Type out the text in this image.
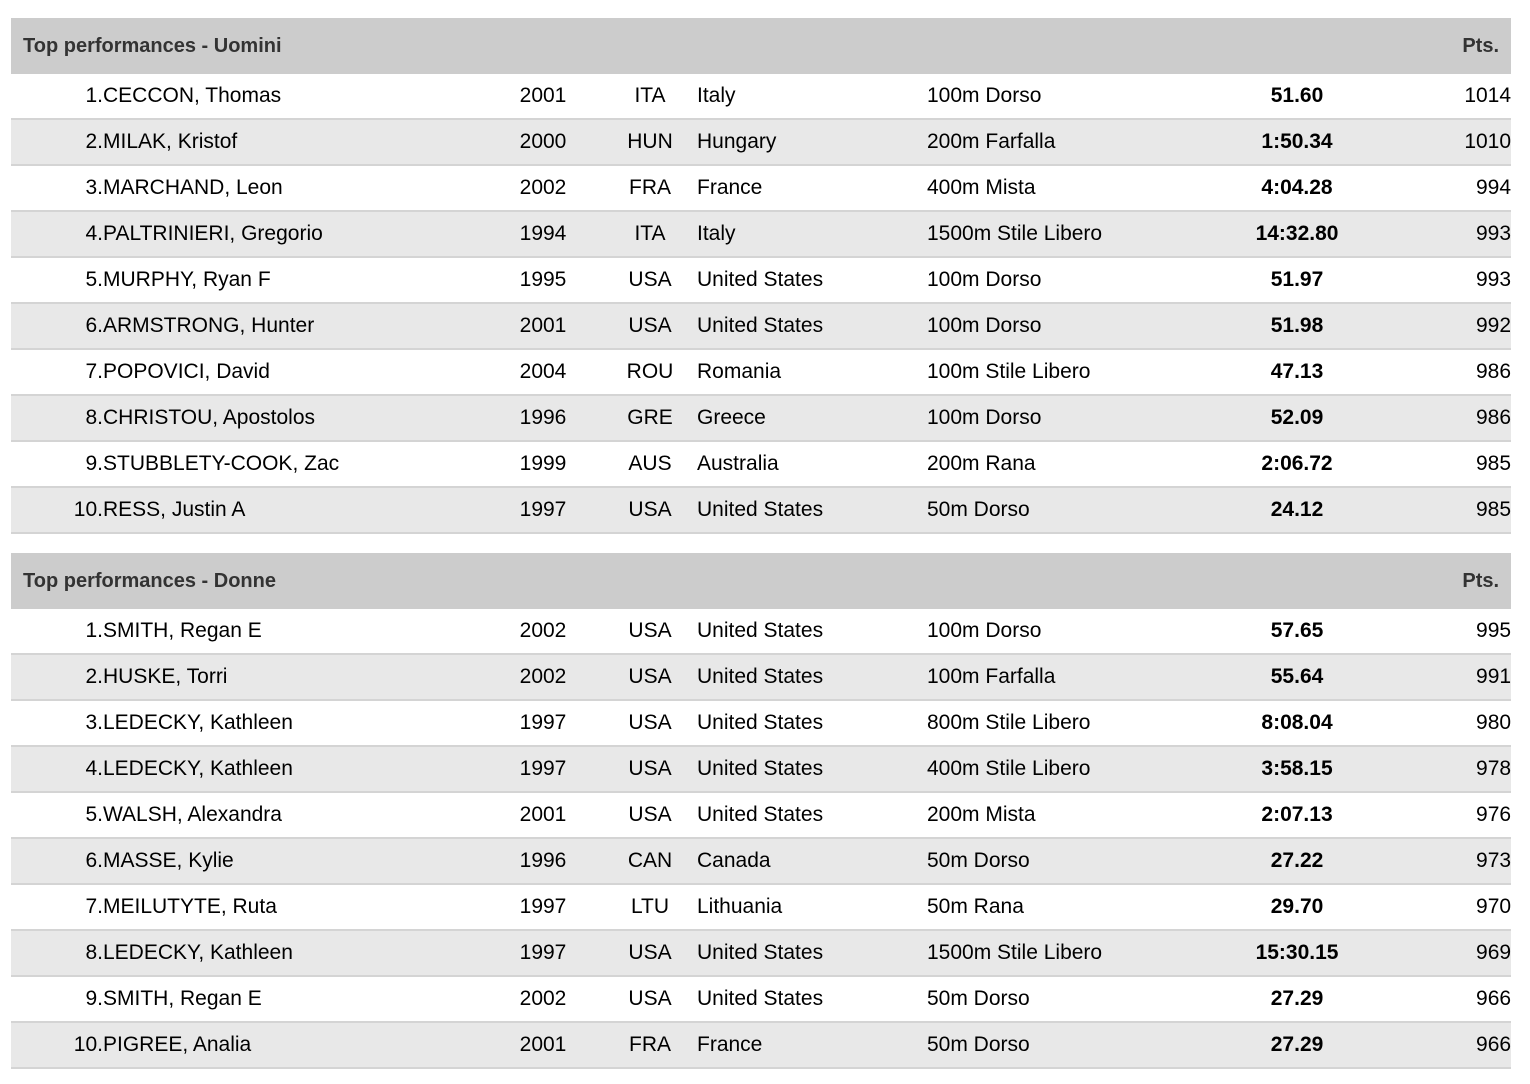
Top performances - Uomini							Pts.
1.	CECCON, Thomas	2001	ITA	Italy	100m Dorso	51.60	1014
2.	MILAK, Kristof	2000	HUN	Hungary	200m Farfalla	1:50.34	1010
3.	MARCHAND, Leon	2002	FRA	France	400m Mista	4:04.28	994
4.	PALTRINIERI, Gregorio	1994	ITA	Italy	1500m Stile Libero	14:32.80	993
5.	MURPHY, Ryan F	1995	USA	United States	100m Dorso	51.97	993
6.	ARMSTRONG, Hunter	2001	USA	United States	100m Dorso	51.98	992
7.	POPOVICI, David	2004	ROU	Romania	100m Stile Libero	47.13	986
8.	CHRISTOU, Apostolos	1996	GRE	Greece	100m Dorso	52.09	986
9.	STUBBLETY-COOK, Zac	1999	AUS	Australia	200m Rana	2:06.72	985
10.	RESS, Justin A	1997	USA	United States	50m Dorso	24.12	985
Top performances - Donne							Pts.
1.	SMITH, Regan E	2002	USA	United States	100m Dorso	57.65	995
2.	HUSKE, Torri	2002	USA	United States	100m Farfalla	55.64	991
3.	LEDECKY, Kathleen	1997	USA	United States	800m Stile Libero	8:08.04	980
4.	LEDECKY, Kathleen	1997	USA	United States	400m Stile Libero	3:58.15	978
5.	WALSH, Alexandra	2001	USA	United States	200m Mista	2:07.13	976
6.	MASSE, Kylie	1996	CAN	Canada	50m Dorso	27.22	973
7.	MEILUTYTE, Ruta	1997	LTU	Lithuania	50m Rana	29.70	970
8.	LEDECKY, Kathleen	1997	USA	United States	1500m Stile Libero	15:30.15	969
9.	SMITH, Regan E	2002	USA	United States	50m Dorso	27.29	966
10.	PIGREE, Analia	2001	FRA	France	50m Dorso	27.29	966
